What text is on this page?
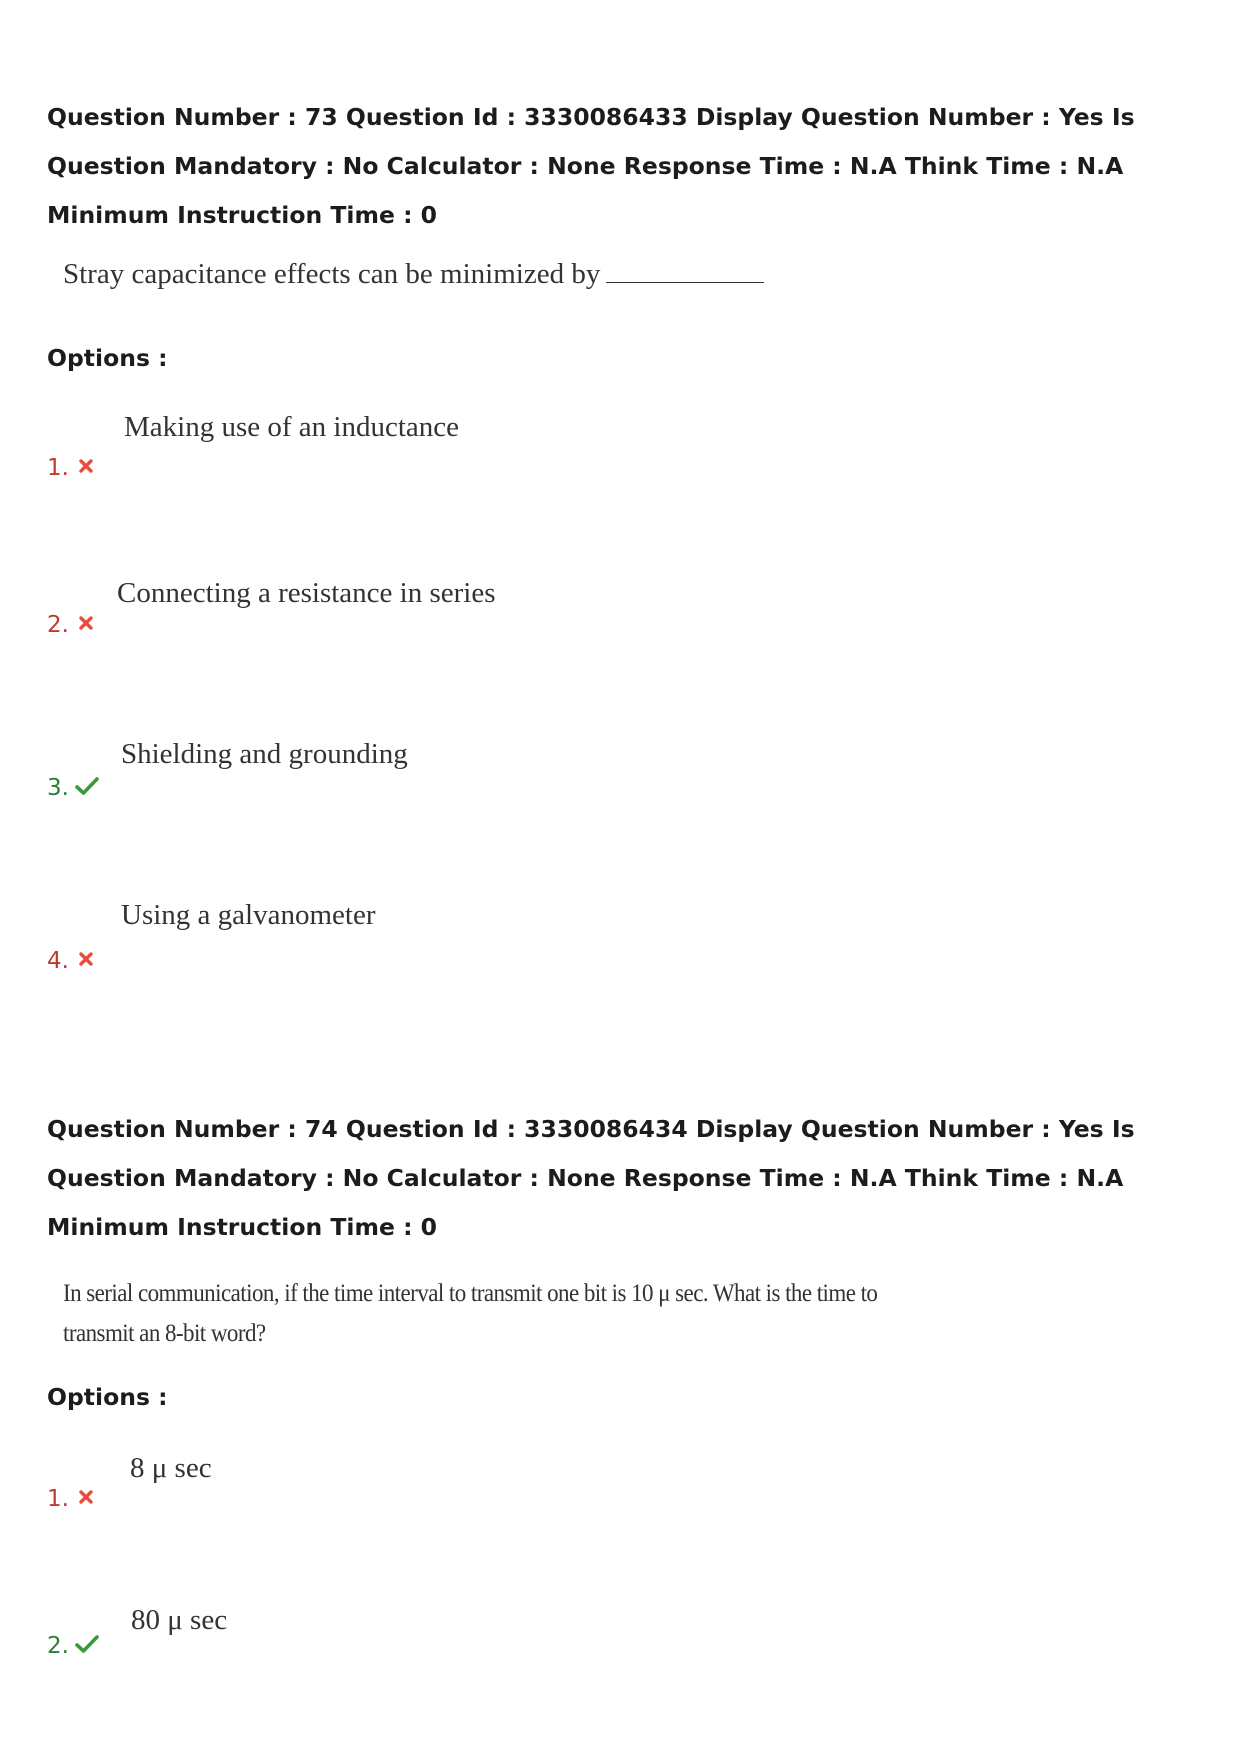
Question Number : 73 Question Id : 3330086433 Display Question Number : Yes Is Question Mandatory : No Calculator : None Response Time : N.A Think Time : N.A Minimum Instruction Time : 0

Stray capacitance effects can be minimized by

Options :

Making use of an inductance
1.
Connecting a resistance in series
2.
Shielding and grounding
3.
Using a galvanometer
4.

Question Number : 74 Question Id : 3330086434 Display Question Number : Yes Is Question Mandatory : No Calculator : None Response Time : N.A Think Time : N.A Minimum Instruction Time : 0

In serial communication, if the time interval to transmit one bit is 10 μ sec. What is the time to
transmit an 8-bit word?

Options :

8 μ sec
1.
80 μ sec
2.
